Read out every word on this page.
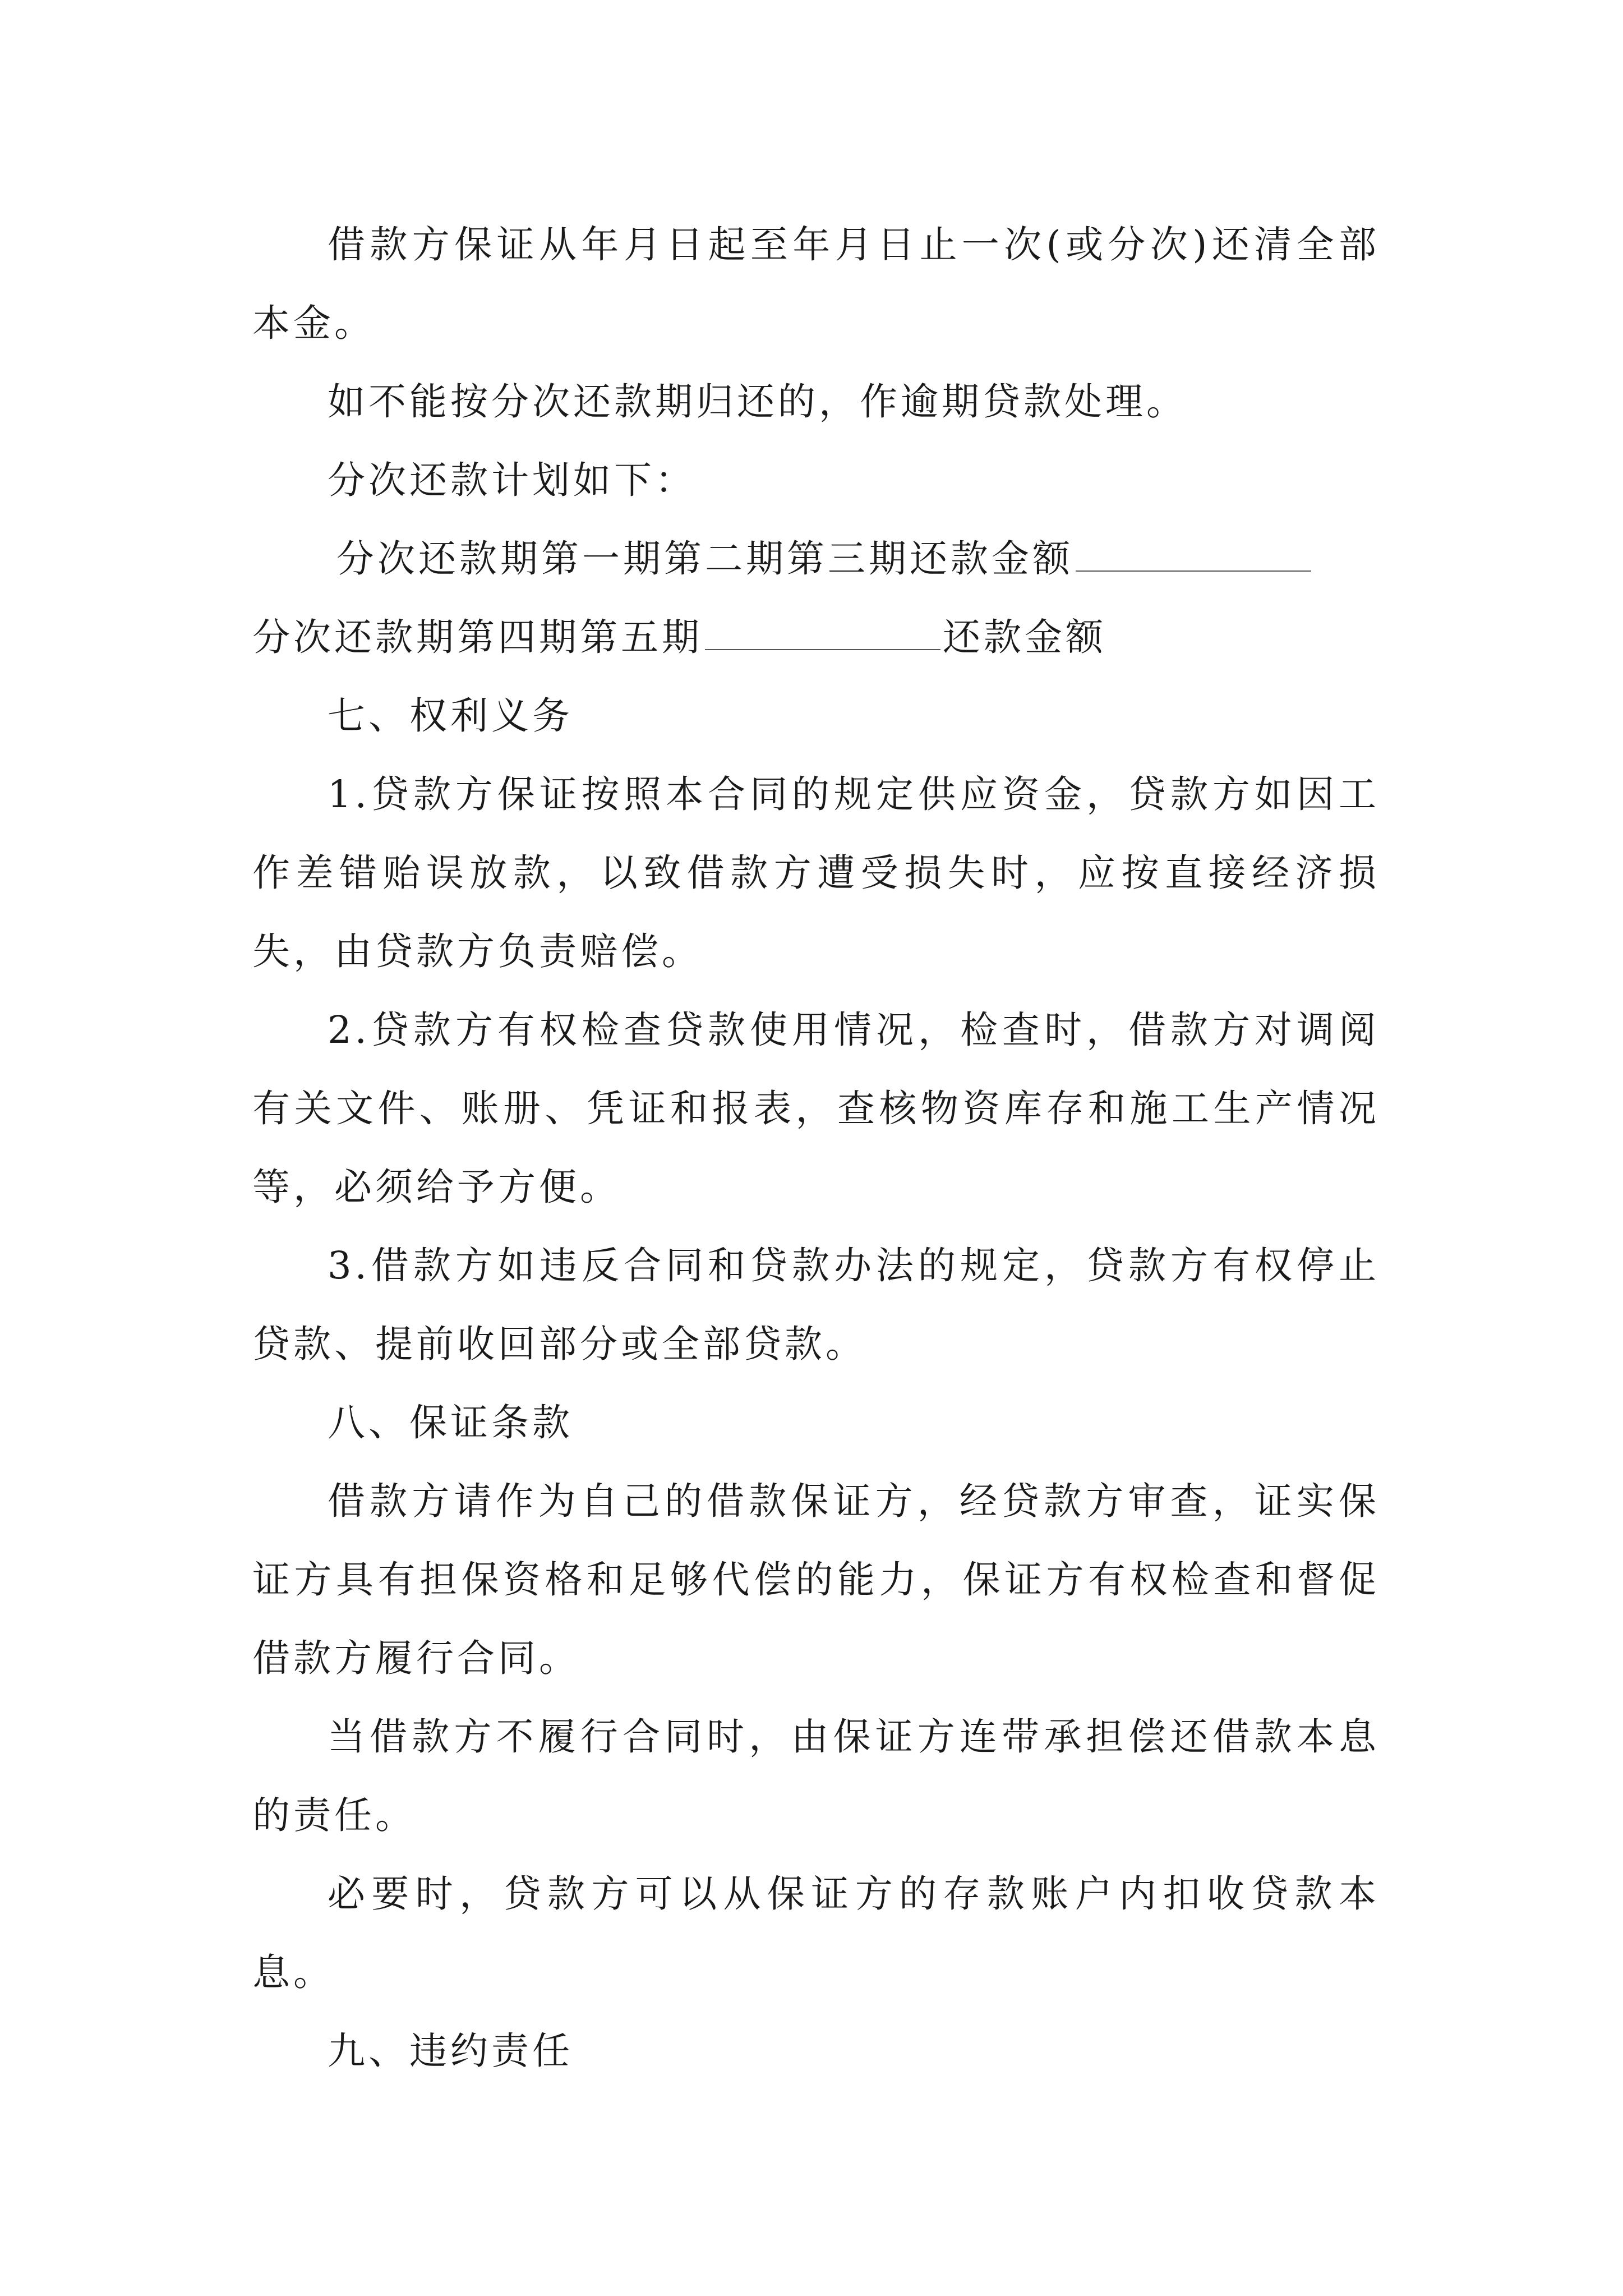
借款方保证从年月日起至年月日止一次(或分次)还清全部本金。

如不能按分次还款期归还的，作逾期贷款处理。

分次还款计划如下：

分次还款期第一期第二期第三期还款金额
分次还款期第四期第五期	还款金额

七、权利义务

1.贷款方保证按照本合同的规定供应资金，贷款方如因工作差错贻误放款，以致借款方遭受损失时，应按直接经济损失，由贷款方负责赔偿。

2.贷款方有权检查贷款使用情况，检查时，借款方对调阅有关文件、账册、凭证和报表，查核物资库存和施工生产情况等，必须给予方便。

3.借款方如违反合同和贷款办法的规定，贷款方有权停止贷款、提前收回部分或全部贷款。

八、保证条款

借款方请作为自己的借款保证方，经贷款方审查，证实保证方具有担保资格和足够代偿的能力，保证方有权检查和督促借款方履行合同。

当借款方不履行合同时，由保证方连带承担偿还借款本息的责任。

必要时，贷款方可以从保证方的存款账户内扣收贷款本息。

九、违约责任
